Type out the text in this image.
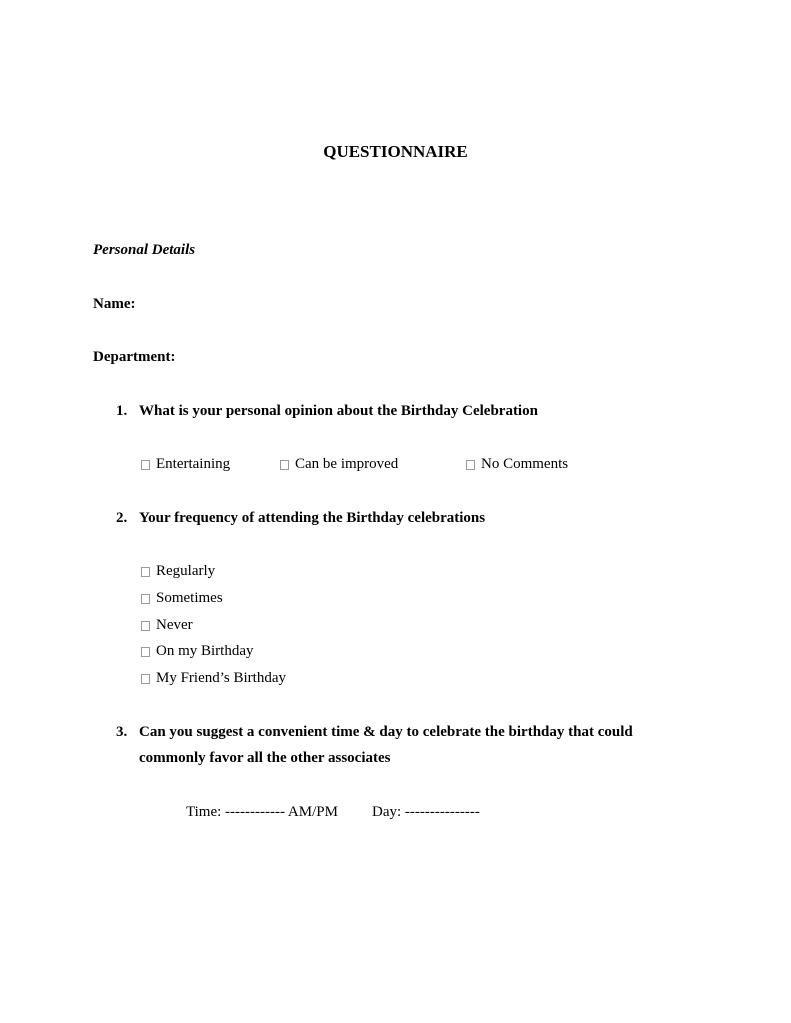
QUESTIONNAIRE
Personal Details
Name:
Department:
1. What is your personal opinion about the Birthday Celebration
Entertaining	Can be improved	No Comments
2. Your frequency of attending the Birthday celebrations
Regularly
Sometimes
Never
On my Birthday
My Friend’s Birthday
3. Can you suggest a convenient time & day to celebrate the birthday that could
commonly favor all the other associates
Time: ------------ AM/PM Day: ---------------
